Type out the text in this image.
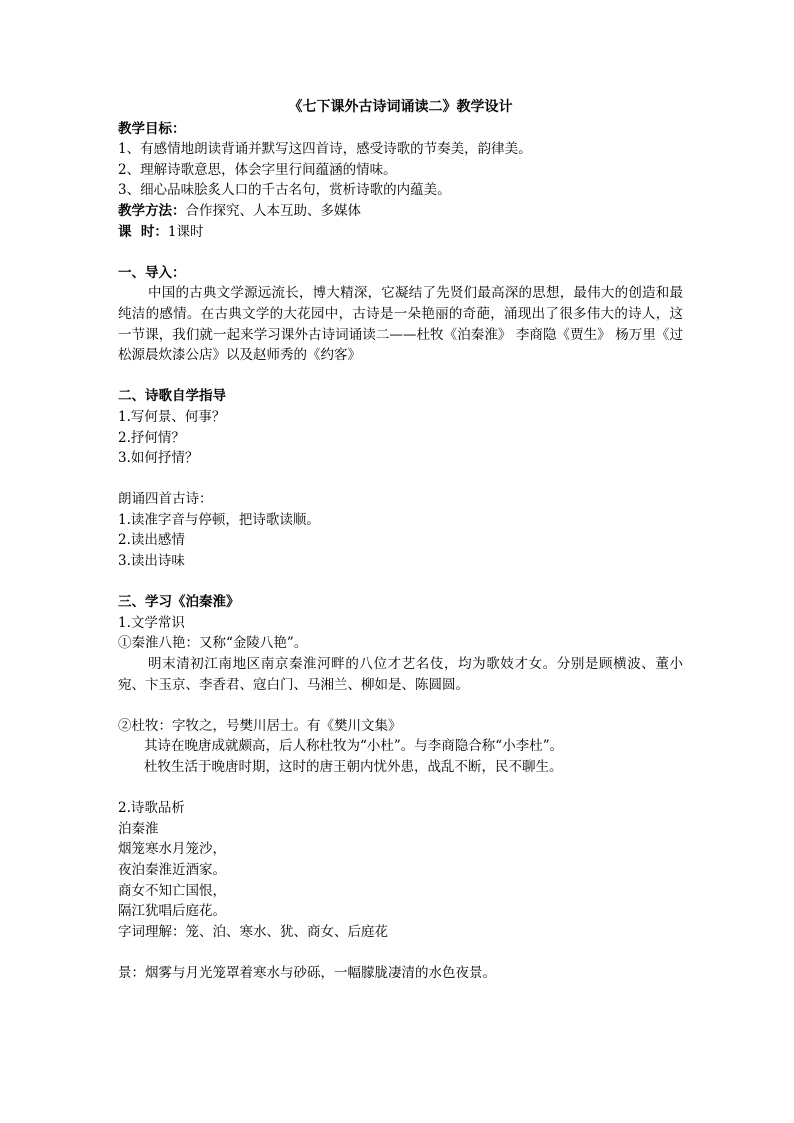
《七下课外古诗词诵读二》教学设计
教学目标：
1、有感情地朗读背诵并默写这四首诗，感受诗歌的节奏美，韵律美。
2、理解诗歌意思，体会字里行间蕴涵的情味。
3、细心品味脍炙人口的千古名句，赏析诗歌的内蕴美。
教学方法：合作探究、人本互助、多媒体
课  时：1课时
一、导入：
中国的古典文学源远流长，博大精深，它凝结了先贤们最高深的思想，最伟大的创造和最纯洁的感情。在古典文学的大花园中，古诗是一朵艳丽的奇葩，涌现出了很多伟大的诗人，这一节课，我们就一起来学习课外古诗词诵读二——杜牧《泊秦淮》 李商隐《贾生》 杨万里《过松源晨炊漆公店》以及赵师秀的《约客》
二、诗歌自学指导
1.写何景、何事？
2.抒何情？
3.如何抒情？
朗诵四首古诗：
1.读准字音与停顿，把诗歌读顺。
2.读出感情
3.读出诗味
三、学习《泊秦淮》
1.文学常识
①秦淮八艳：又称“金陵八艳”。
明末清初江南地区南京秦淮河畔的八位才艺名伎，均为歌妓才女。分别是顾横波、董小宛、卞玉京、李香君、寇白门、马湘兰、柳如是、陈圆圆。
②杜牧：字牧之，号樊川居士。有《樊川文集》
其诗在晚唐成就颇高，后人称杜牧为“小杜”。与李商隐合称“小李杜”。
杜牧生活于晚唐时期，这时的唐王朝内忧外患，战乱不断，民不聊生。
2.诗歌品析
泊秦淮
烟笼寒水月笼沙，
夜泊秦淮近酒家。
商女不知亡国恨，
隔江犹唱后庭花。
字词理解：笼、泊、寒水、犹、商女、后庭花
景：烟雾与月光笼罩着寒水与砂砾，一幅朦胧凄清的水色夜景。
